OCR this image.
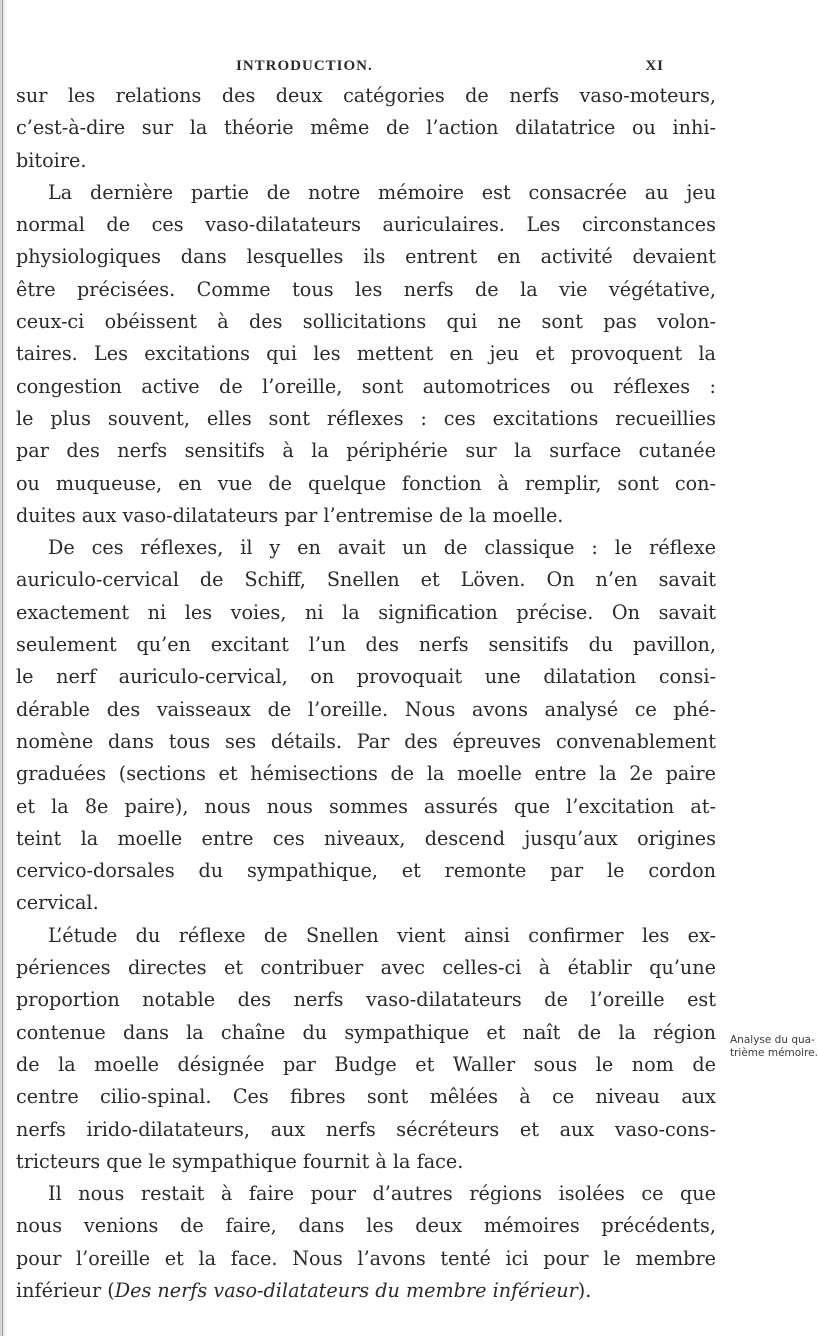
INTRODUCTION.	XI
sur les relations des deux catégories de nerfs vaso-moteurs,
c’est-à-dire sur la théorie même de l’action dilatatrice ou inhi-
bitoire.
La dernière partie de notre mémoire est consacrée au jeu
normal de ces vaso-dilatateurs auriculaires. Les circonstances
physiologiques dans lesquelles ils entrent en activité devaient
être précisées. Comme tous les nerfs de la vie végétative,
ceux-ci obéissent à des sollicitations qui ne sont pas volon-
taires. Les excitations qui les mettent en jeu et provoquent la
congestion active de l’oreille, sont automotrices ou réflexes :
le plus souvent, elles sont réflexes : ces excitations recueillies
par des nerfs sensitifs à la périphérie sur la surface cutanée
ou muqueuse, en vue de quelque fonction à remplir, sont con-
duites aux vaso-dilatateurs par l’entremise de la moelle.
De ces réflexes, il y en avait un de classique : le réflexe
auriculo-cervical de Schiff, Snellen et Löven. On n’en savait
exactement ni les voies, ni la signification précise. On savait
seulement qu’en excitant l’un des nerfs sensitifs du pavillon,
le nerf auriculo-cervical, on provoquait une dilatation consi-
dérable des vaisseaux de l’oreille. Nous avons analysé ce phé-
nomène dans tous ses détails. Par des épreuves convenablement
graduées (sections et hémisections de la moelle entre la 2e paire
et la 8e paire), nous nous sommes assurés que l’excitation at-
teint la moelle entre ces niveaux, descend jusqu’aux origines
cervico-dorsales du sympathique, et remonte par le cordon
cervical.
L’étude du réflexe de Snellen vient ainsi confirmer les ex-
périences directes et contribuer avec celles-ci à établir qu’une
proportion notable des nerfs vaso-dilatateurs de l’oreille est
contenue dans la chaîne du sympathique et naît de la région
de la moelle désignée par Budge et Waller sous le nom de
centre cilio-spinal. Ces fibres sont mêlées à ce niveau aux
nerfs irido-dilatateurs, aux nerfs sécréteurs et aux vaso-cons-
tricteurs que le sympathique fournit à la face.
Il nous restait à faire pour d’autres régions isolées ce que
nous venions de faire, dans les deux mémoires précédents,
pour l’oreille et la face. Nous l’avons tenté ici pour le membre
inférieur (Des nerfs vaso-dilatateurs du membre inférieur).
Analyse du qua-
trième mémoire.
